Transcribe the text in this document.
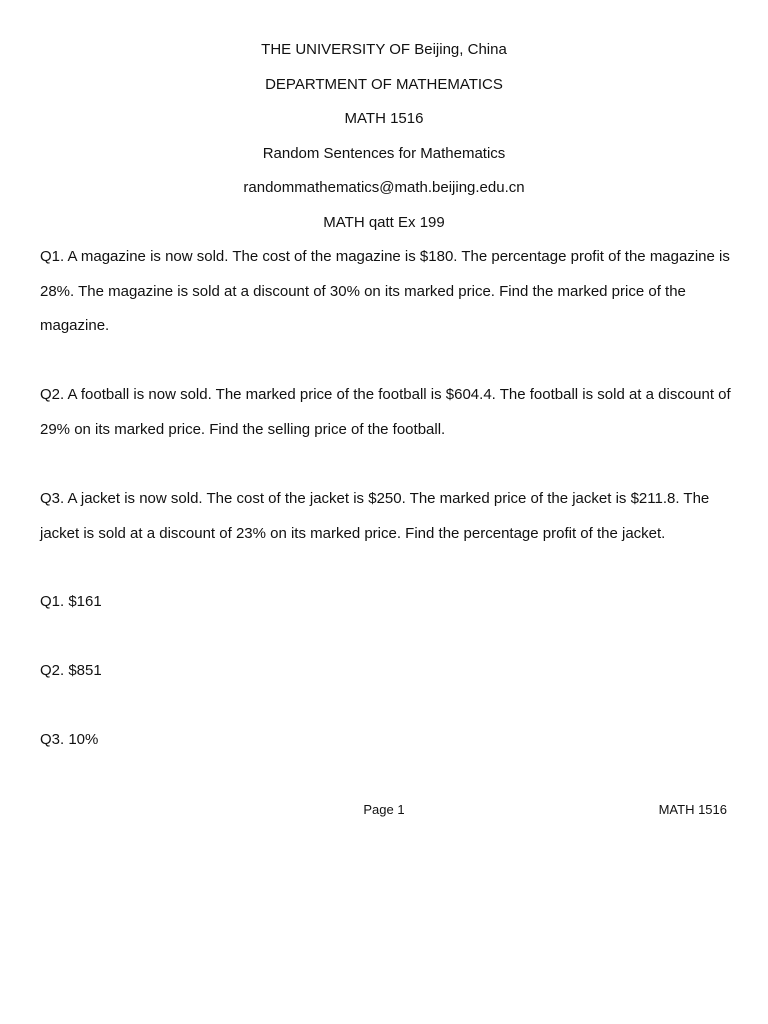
THE UNIVERSITY OF Beijing, China
DEPARTMENT OF MATHEMATICS
MATH 1516
Random Sentences for Mathematics
randommathematics@math.beijing.edu.cn
MATH qatt Ex 199

Q1. A magazine is now sold. The cost of the magazine is $180. The percentage profit of the magazine is 28%. The magazine is sold at a discount of 30% on its marked price. Find the marked price of the magazine.

Q2. A football is now sold. The marked price of the football is $604.4. The football is sold at a discount of 29% on its marked price. Find the selling price of the football.

Q3. A jacket is now sold. The cost of the jacket is $250. The marked price of the jacket is $211.8. The jacket is sold at a discount of 23% on its marked price. Find the percentage profit of the jacket.

Q1. $161
Q2. $851
Q3. 10%
Page 1	MATH 1516
